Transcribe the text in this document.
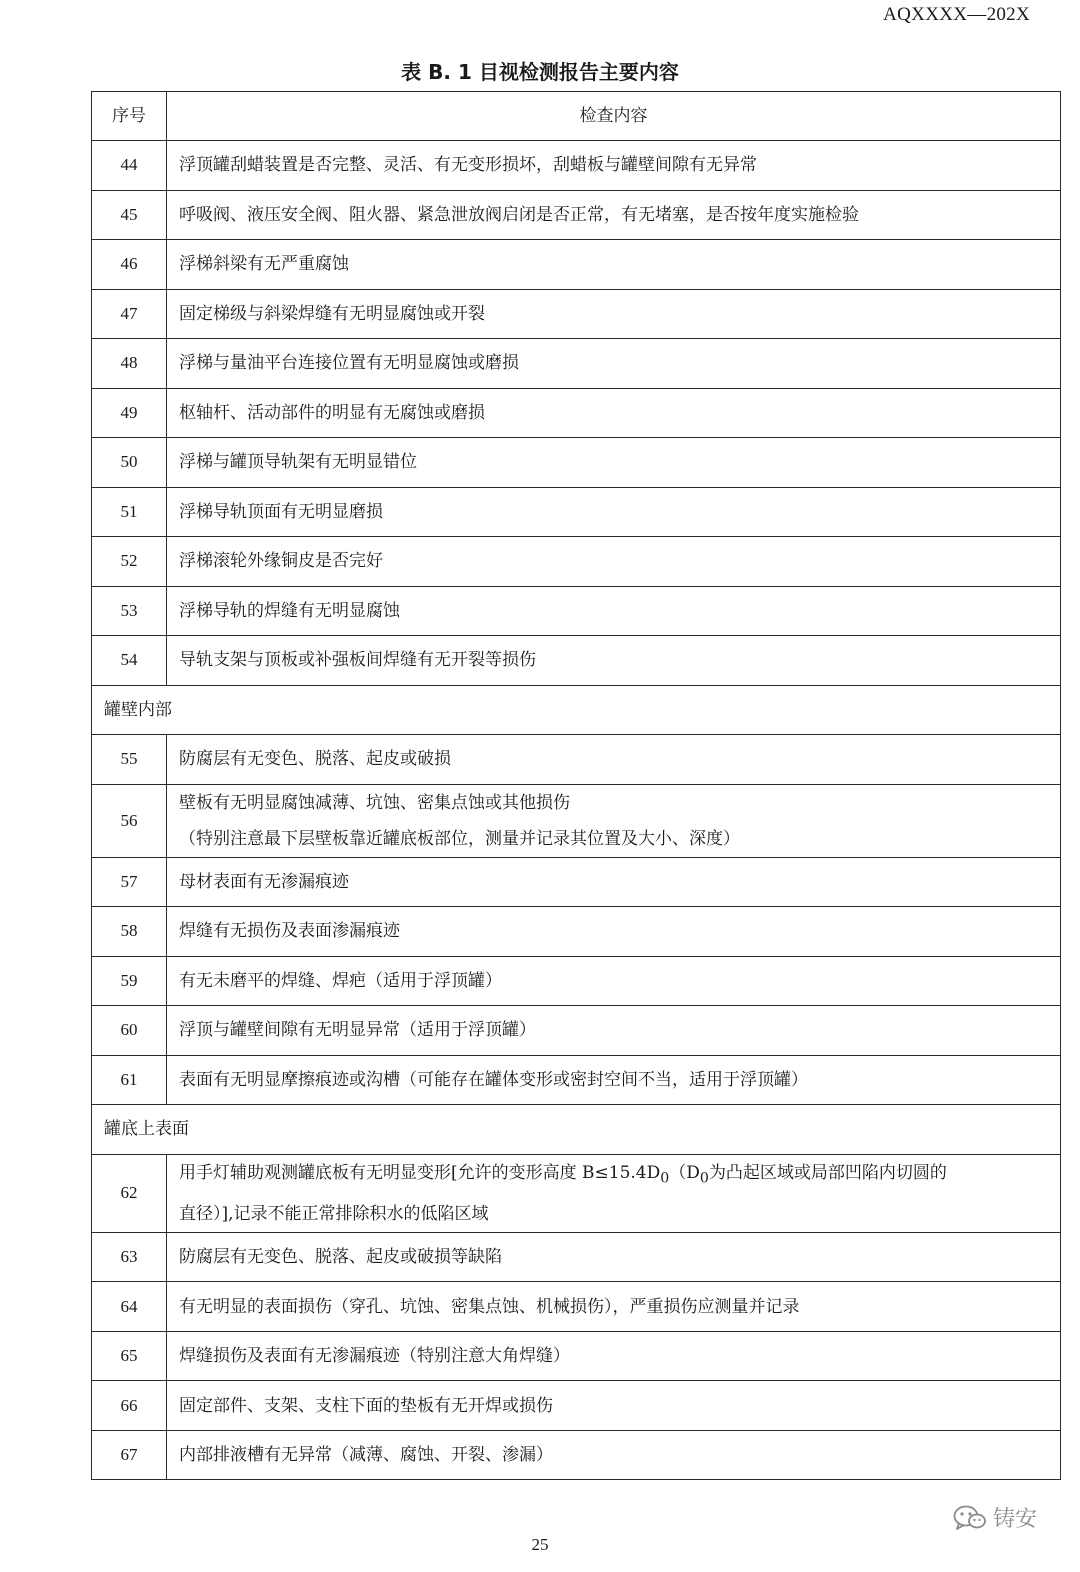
AQXXXX—202X
表 B. 1 目视检测报告主要内容
序号	检查内容
44	浮顶罐刮蜡装置是否完整、灵活、有无变形损坏，刮蜡板与罐壁间隙有无异常
45	呼吸阀、液压安全阀、阻火器、紧急泄放阀启闭是否正常，有无堵塞，是否按年度实施检验
46	浮梯斜梁有无严重腐蚀
47	固定梯级与斜梁焊缝有无明显腐蚀或开裂
48	浮梯与量油平台连接位置有无明显腐蚀或磨损
49	枢轴杆、活动部件的明显有无腐蚀或磨损
50	浮梯与罐顶导轨架有无明显错位
51	浮梯导轨顶面有无明显磨损
52	浮梯滚轮外缘铜皮是否完好
53	浮梯导轨的焊缝有无明显腐蚀
54	导轨支架与顶板或补强板间焊缝有无开裂等损伤
罐壁内部	
55	防腐层有无变色、脱落、起皮或破损
56	壁板有无明显腐蚀减薄、坑蚀、密集点蚀或其他损伤
（特别注意最下层壁板靠近罐底板部位，测量并记录其位置及大小、深度）

57	母材表面有无渗漏痕迹
58	焊缝有无损伤及表面渗漏痕迹
59	有无未磨平的焊缝、焊疤（适用于浮顶罐）
60	浮顶与罐壁间隙有无明显异常（适用于浮顶罐）
61	表面有无明显摩擦痕迹或沟槽（可能存在罐体变形或密封空间不当，适用于浮顶罐）
罐底上表面	
62	用手灯辅助观测罐底板有无明显变形[允许的变形高度 $B\le 15.4D_0(D_0$为凸起区域或局部凹陷内切圆的
直径）],记录不能正常排除积水的低陷区域

63	防腐层有无变色、脱落、起皮或破损等缺陷
64	有无明显的表面损伤（穿孔、坑蚀、密集点蚀、机械损伤），严重损伤应测量并记录
65	焊缝损伤及表面有无渗漏痕迹（特别注意大角焊缝）
66	固定部件、支架、支柱下面的垫板有无开焊或损伤
67	内部排液槽有无异常（减薄、腐蚀、开裂、渗漏）
铸安
25
